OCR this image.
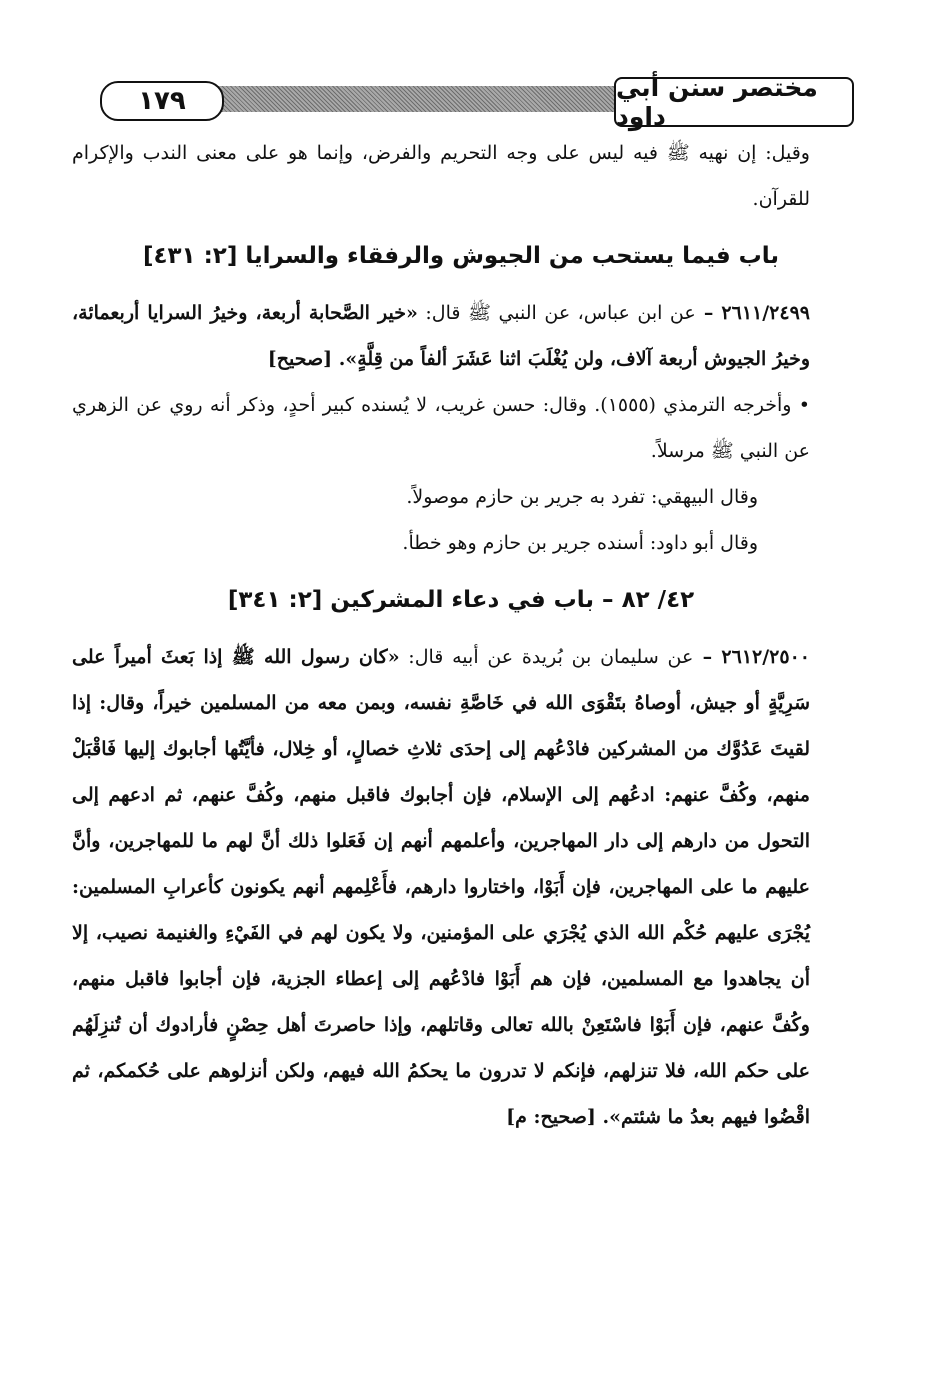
١٧٩	مختصر سنن أبي داود

وقيل: إن نهيه ﷺ فيه ليس على وجه التحريم والفرض، وإنما هو على معنى الندب والإكرام للقرآن.

باب فيما يستحب من الجيوش والرفقاء والسرايا [٢: ٤٣١]

٢٦١١/٢٤٩٩ – عن ابن عباس، عن النبي ﷺ قال: «خير الصَّحابة أربعة، وخيرُ السرايا أربعمائة، وخيرُ الجيوش أربعة آلاف، ولن يُغْلَبَ اثنا عَشَرَ ألفاً من قِلَّةٍ». [صحيح]

• وأخرجه الترمذي (١٥٥٥). وقال: حسن غريب، لا يُسنده كبير أحدٍ، وذكر أنه روي عن الزهري عن النبي ﷺ مرسلاً.

وقال البيهقي: تفرد به جرير بن حازم موصولاً.

وقال أبو داود: أسنده جرير بن حازم وهو خطأ.

٤٢/ ٨٢ – باب في دعاء المشركين [٢: ٣٤١]

٢٦١٢/٢٥٠٠ – عن سليمان بن بُريدة عن أبيه قال: «كان رسول الله ﷺ إذا بَعثَ أميراً على سَرِيَّةٍ أو جيش، أوصاهُ بتَقْوَى الله في خَاصَّةِ نفسه، وبمن معه من المسلمين خيراً، وقال: إذا لقيتَ عَدُوَّك من المشركين فادْعُهم إلى إحدَى ثلاثِ خصالٍ، أو خِلال، فأيَّتُها أجابوك إليها فَاقْبَلْ منهم، وكُفَّ عنهم: ادعُهم إلى الإسلام، فإن أجابوك فاقبل منهم، وكُفَّ عنهم، ثم ادعهم إلى التحول من دارهم إلى دار المهاجرين، وأعلمهم أنهم إن فَعَلوا ذلك أنَّ لهم ما للمهاجرين، وأنَّ عليهم ما على المهاجرين، فإن أَبَوْا، واختاروا دارهم، فأَعْلِمهم أنهم يكونون كأعرابِ المسلمين: يُجْرَى عليهم حُكْم الله الذي يُجْرَي على المؤمنين، ولا يكون لهم في الفَيْءِ والغنيمة نصيب، إلا أن يجاهدوا مع المسلمين، فإن هم أَبَوْا فادْعُهم إلى إعطاء الجزية، فإن أجابوا فاقبل منهم، وكُفَّ عنهم، فإن أَبَوْا فاسْتَعِنْ بالله تعالى وقاتلهم، وإذا حاصرتَ أهل حِصْنٍ فأرادوك أن تُنزِلَهُم على حكم الله، فلا تنزلهم، فإنكم لا تدرون ما يحكمُ الله فيهم، ولكن أنزلوهم على حُكمكم، ثم اقْضُوا فيهم بعدُ ما شئتم». [صحيح: م]
